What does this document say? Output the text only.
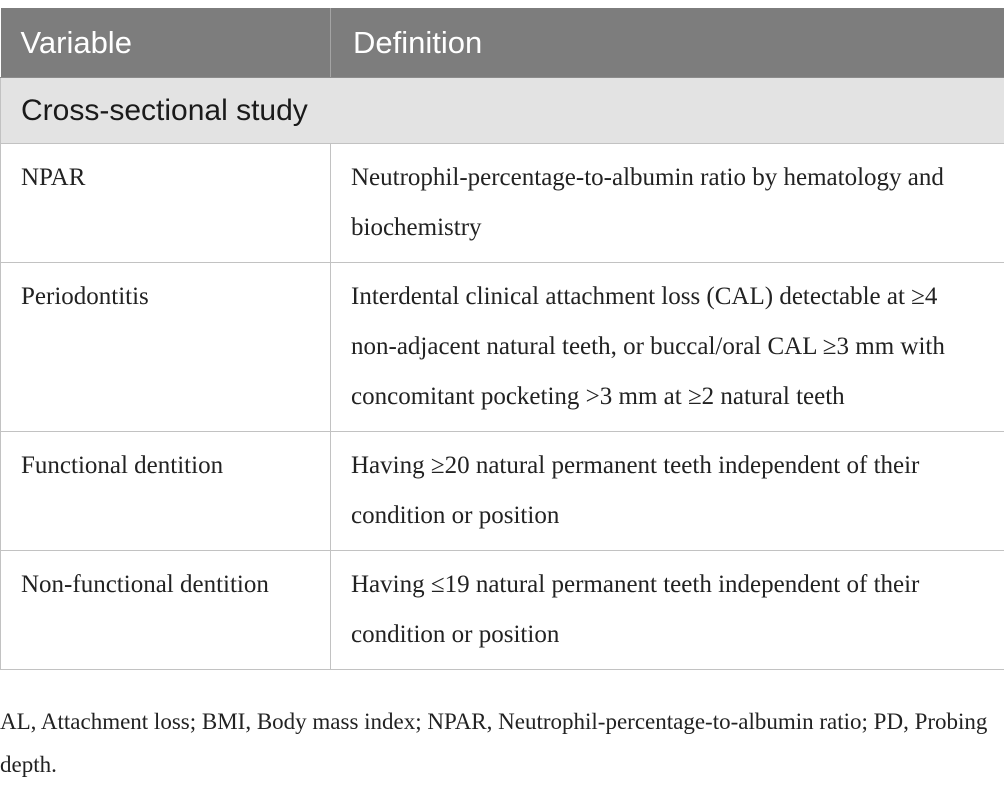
Variable	Definition
Cross-sectional study	
NPAR	Neutrophil-percentage-to-albumin ratio by hematology and biochemistry
Periodontitis	Interdental clinical attachment loss (CAL) detectable at ≥4 non-adjacent natural teeth, or buccal/oral CAL ≥3 mm with concomitant pocketing >3 mm at ≥2 natural teeth
Functional dentition	Having ≥20 natural permanent teeth independent of their condition or position
Non-functional dentition	Having ≤19 natural permanent teeth independent of their condition or position
AL, Attachment loss; BMI, Body mass index; NPAR, Neutrophil-percentage-to-albumin ratio; PD, Probing depth.
